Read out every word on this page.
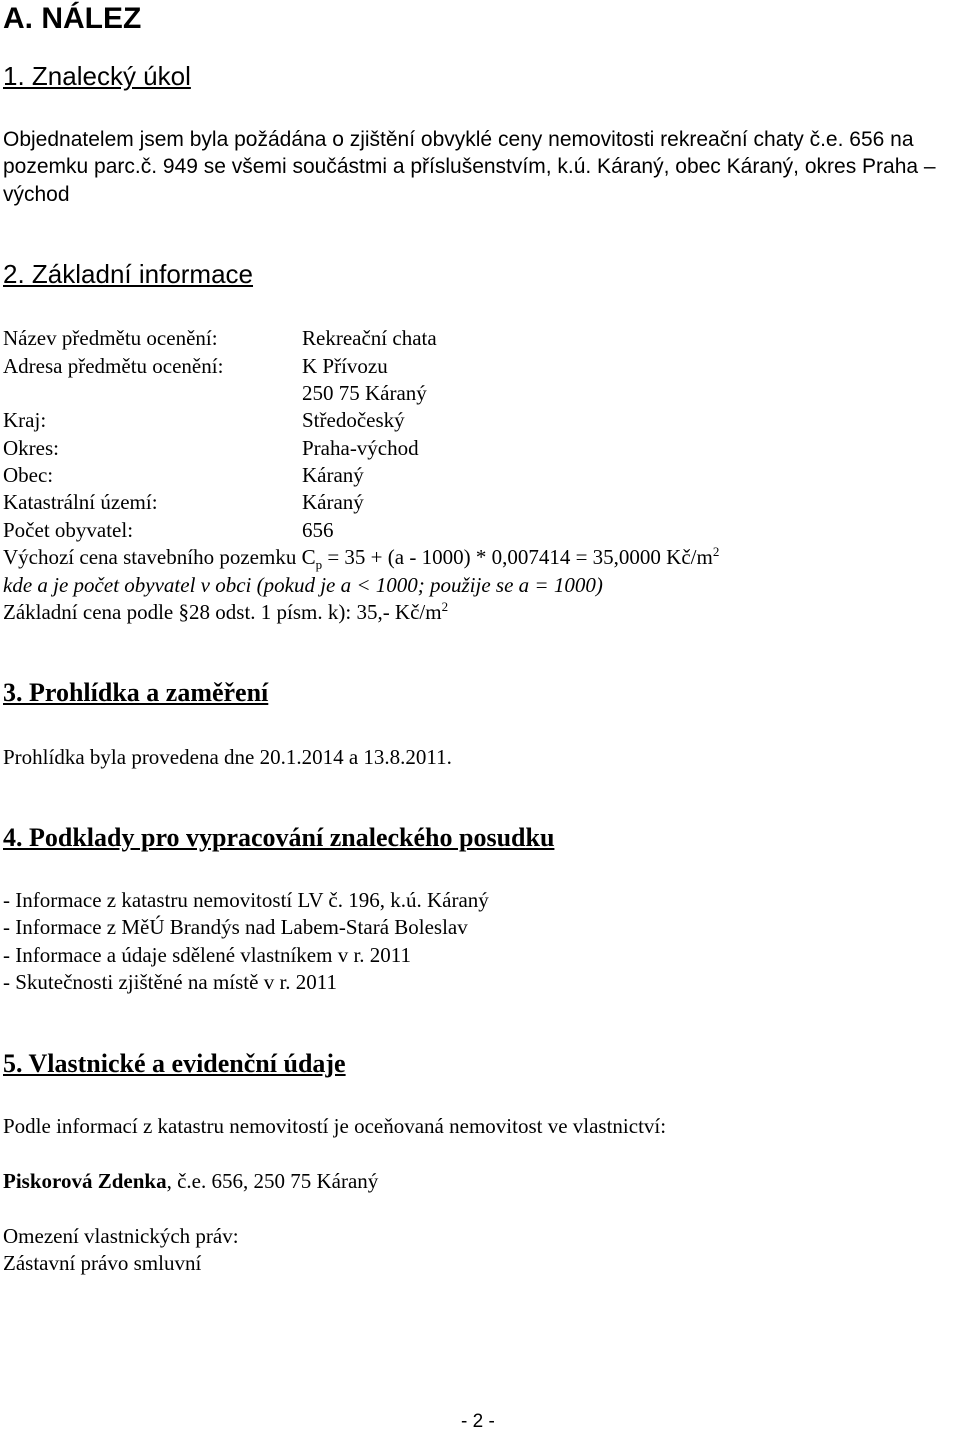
A. NÁLEZ
1. Znalecký úkol
Objednatelem jsem byla požádána o zjištění obvyklé ceny nemovitosti rekreační chaty č.e. 656 na
pozemku parc.č. 949 se všemi součástmi a příslušenstvím, k.ú. Káraný, obec Káraný, okres Praha –
východ
2. Základní informace
Název předmětu ocenění:	Rekreační chata
Adresa předmětu ocenění:	K Přívozu
250 75 Káraný
Kraj:	Středočeský
Okres:	Praha-východ
Obec:	Káraný
Katastrální území:	Káraný
Počet obyvatel:	656
Výchozí cena stavebního pozemku $C_p = 35 + (a - 1000) * 0,007414 = 35,0000$ $Kč/m^2$
kde a je počet obyvatel v obci (pokud je a < 1000; použije se a = 1000)
Základní cena podle §28 odst. 1 písm. k): 35,- $Kč/m^2$
3. Prohlídka a zaměření
Prohlídka byla provedena dne 20.1.2014 a 13.8.2011.
4. Podklady pro vypracování znaleckého posudku
- Informace z katastru nemovitostí LV č. 196, k.ú. Káraný
- Informace z MěÚ Brandýs nad Labem-Stará Boleslav
- Informace a údaje sdělené vlastníkem v r. 2011
- Skutečnosti zjištěné na místě v r. 2011
5. Vlastnické a evidenční údaje
Podle informací z katastru nemovitostí je oceňovaná nemovitost ve vlastnictví:
Piskorová Zdenka, č.e. 656, 250 75 Káraný
Omezení vlastnických práv:
Zástavní právo smluvní
- 2 -
